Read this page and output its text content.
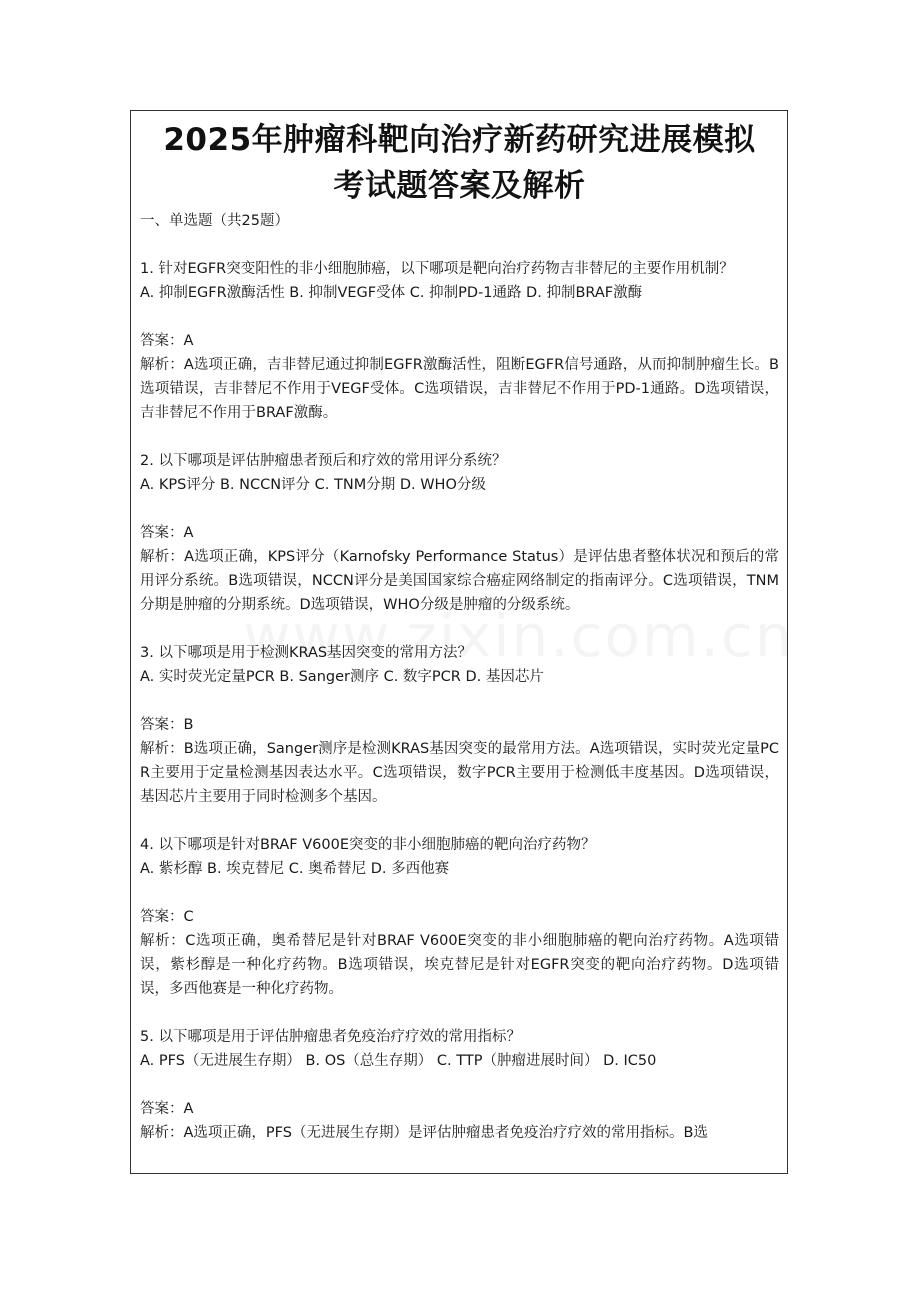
2025年肿瘤科靶向治疗新药研究进展模拟
考试题答案及解析

一、单选题（共25题）

1. 针对EGFR突变阳性的非小细胞肺癌，以下哪项是靶向治疗药物吉非替尼的主要作用机制？

A. 抑制EGFR激酶活性 B. 抑制VEGF受体 C. 抑制PD-1通路 D. 抑制BRAF激酶

答案：A

解析：A选项正确，吉非替尼通过抑制EGFR激酶活性，阻断EGFR信号通路，从而抑制肿瘤生长。B选项错误，吉非替尼不作用于VEGF受体。C选项错误，吉非替尼不作用于PD-1通路。D选项错误，吉非替尼不作用于BRAF激酶。

2. 以下哪项是评估肿瘤患者预后和疗效的常用评分系统？

A. KPS评分 B. NCCN评分 C. TNM分期 D. WHO分级

答案：A

解析：A选项正确，KPS评分（Karnofsky Performance Status）是评估患者整体状况和预后的常用评分系统。B选项错误，NCCN评分是美国国家综合癌症网络制定的指南评分。C选项错误，TNM分期是肿瘤的分期系统。D选项错误，WHO分级是肿瘤的分级系统。

3. 以下哪项是用于检测KRAS基因突变的常用方法？

A. 实时荧光定量PCR B. Sanger测序 C. 数字PCR D. 基因芯片

答案：B

解析：B选项正确，Sanger测序是检测KRAS基因突变的最常用方法。A选项错误，实时荧光定量PCR主要用于定量检测基因表达水平。C选项错误，数字PCR主要用于检测低丰度基因。D选项错误，基因芯片主要用于同时检测多个基因。

4. 以下哪项是针对BRAF V600E突变的非小细胞肺癌的靶向治疗药物？

A. 紫杉醇 B. 埃克替尼 C. 奥希替尼 D. 多西他赛

答案：C

解析：C选项正确，奥希替尼是针对BRAF V600E突变的非小细胞肺癌的靶向治疗药物。A选项错误，紫杉醇是一种化疗药物。B选项错误，埃克替尼是针对EGFR突变的靶向治疗药物。D选项错误，多西他赛是一种化疗药物。

5. 以下哪项是用于评估肿瘤患者免疫治疗疗效的常用指标？

A. PFS（无进展生存期） B. OS（总生存期） C. TTP（肿瘤进展时间） D. IC50

答案：A

解析：A选项正确，PFS（无进展生存期）是评估肿瘤患者免疫治疗疗效的常用指标。B选
